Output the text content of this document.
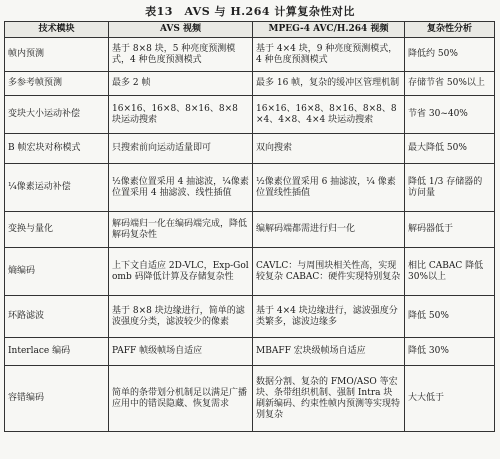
表13　AVS 与 H.264 计算复杂性对比
技术模块	AVS 视频	MPEG-4 AVC/H.264 视频	复杂性分析
帧内预测	基于 8×8 块，5 种亮度预测模式，4 种色度预测模式	基于 4×4 块，9 种亮度预测模式，4 种色度预测模式	降低约 50%
多参考帧预测	最多 2 帧	最多 16 帧，复杂的缓冲区管理机制	存储节省 50%以上
变块大小运动补偿	16×16、16×8、8×16、8×8 块运动搜索	16×16、16×8、8×16、8×8、8×4、4×8、4×4 块运动搜索	节省 30~40%
B 帧宏块对称模式	只搜索前向运动适量即可	双向搜索	最大降低 50%
¼像素运动补偿	½像素位置采用 4 抽滤波，¼像素位置采用 4 抽滤波、线性插值	½像素位置采用 6 抽滤波，¼ 像素位置线性插值	降低 1/3 存储器的访问量
变换与量化	解码端归一化在编码端完成，降低解码复杂性	编解码端都需进行归一化	解码器低于
熵编码	上下文自适应 2D-VLC，Exp-Golomb 码降低计算及存储复杂性	CAVLC：与周围块相关性高，实现较复杂 CABAC：硬件实现特别复杂	相比 CABAC 降低 30%以上
环路滤波	基于 8×8 块边缘进行，简单的滤波强度分类，滤波较少的像素	基于 4×4 块边缘进行，滤波强度分类繁多，滤波边缘多	降低 50%
Interlace 编码	PAFF 帧级帧场自适应	MBAFF 宏块级帧场自适应	降低 30%
容错编码	简单的条带划分机制足以满足广播应用中的错误隐藏、恢复需求	数据分割、复杂的 FMO/ASO 等宏块、条带组织机制、强制 Intra 块刷新编码、约束性帧内预测等实现特别复杂	大大低于
